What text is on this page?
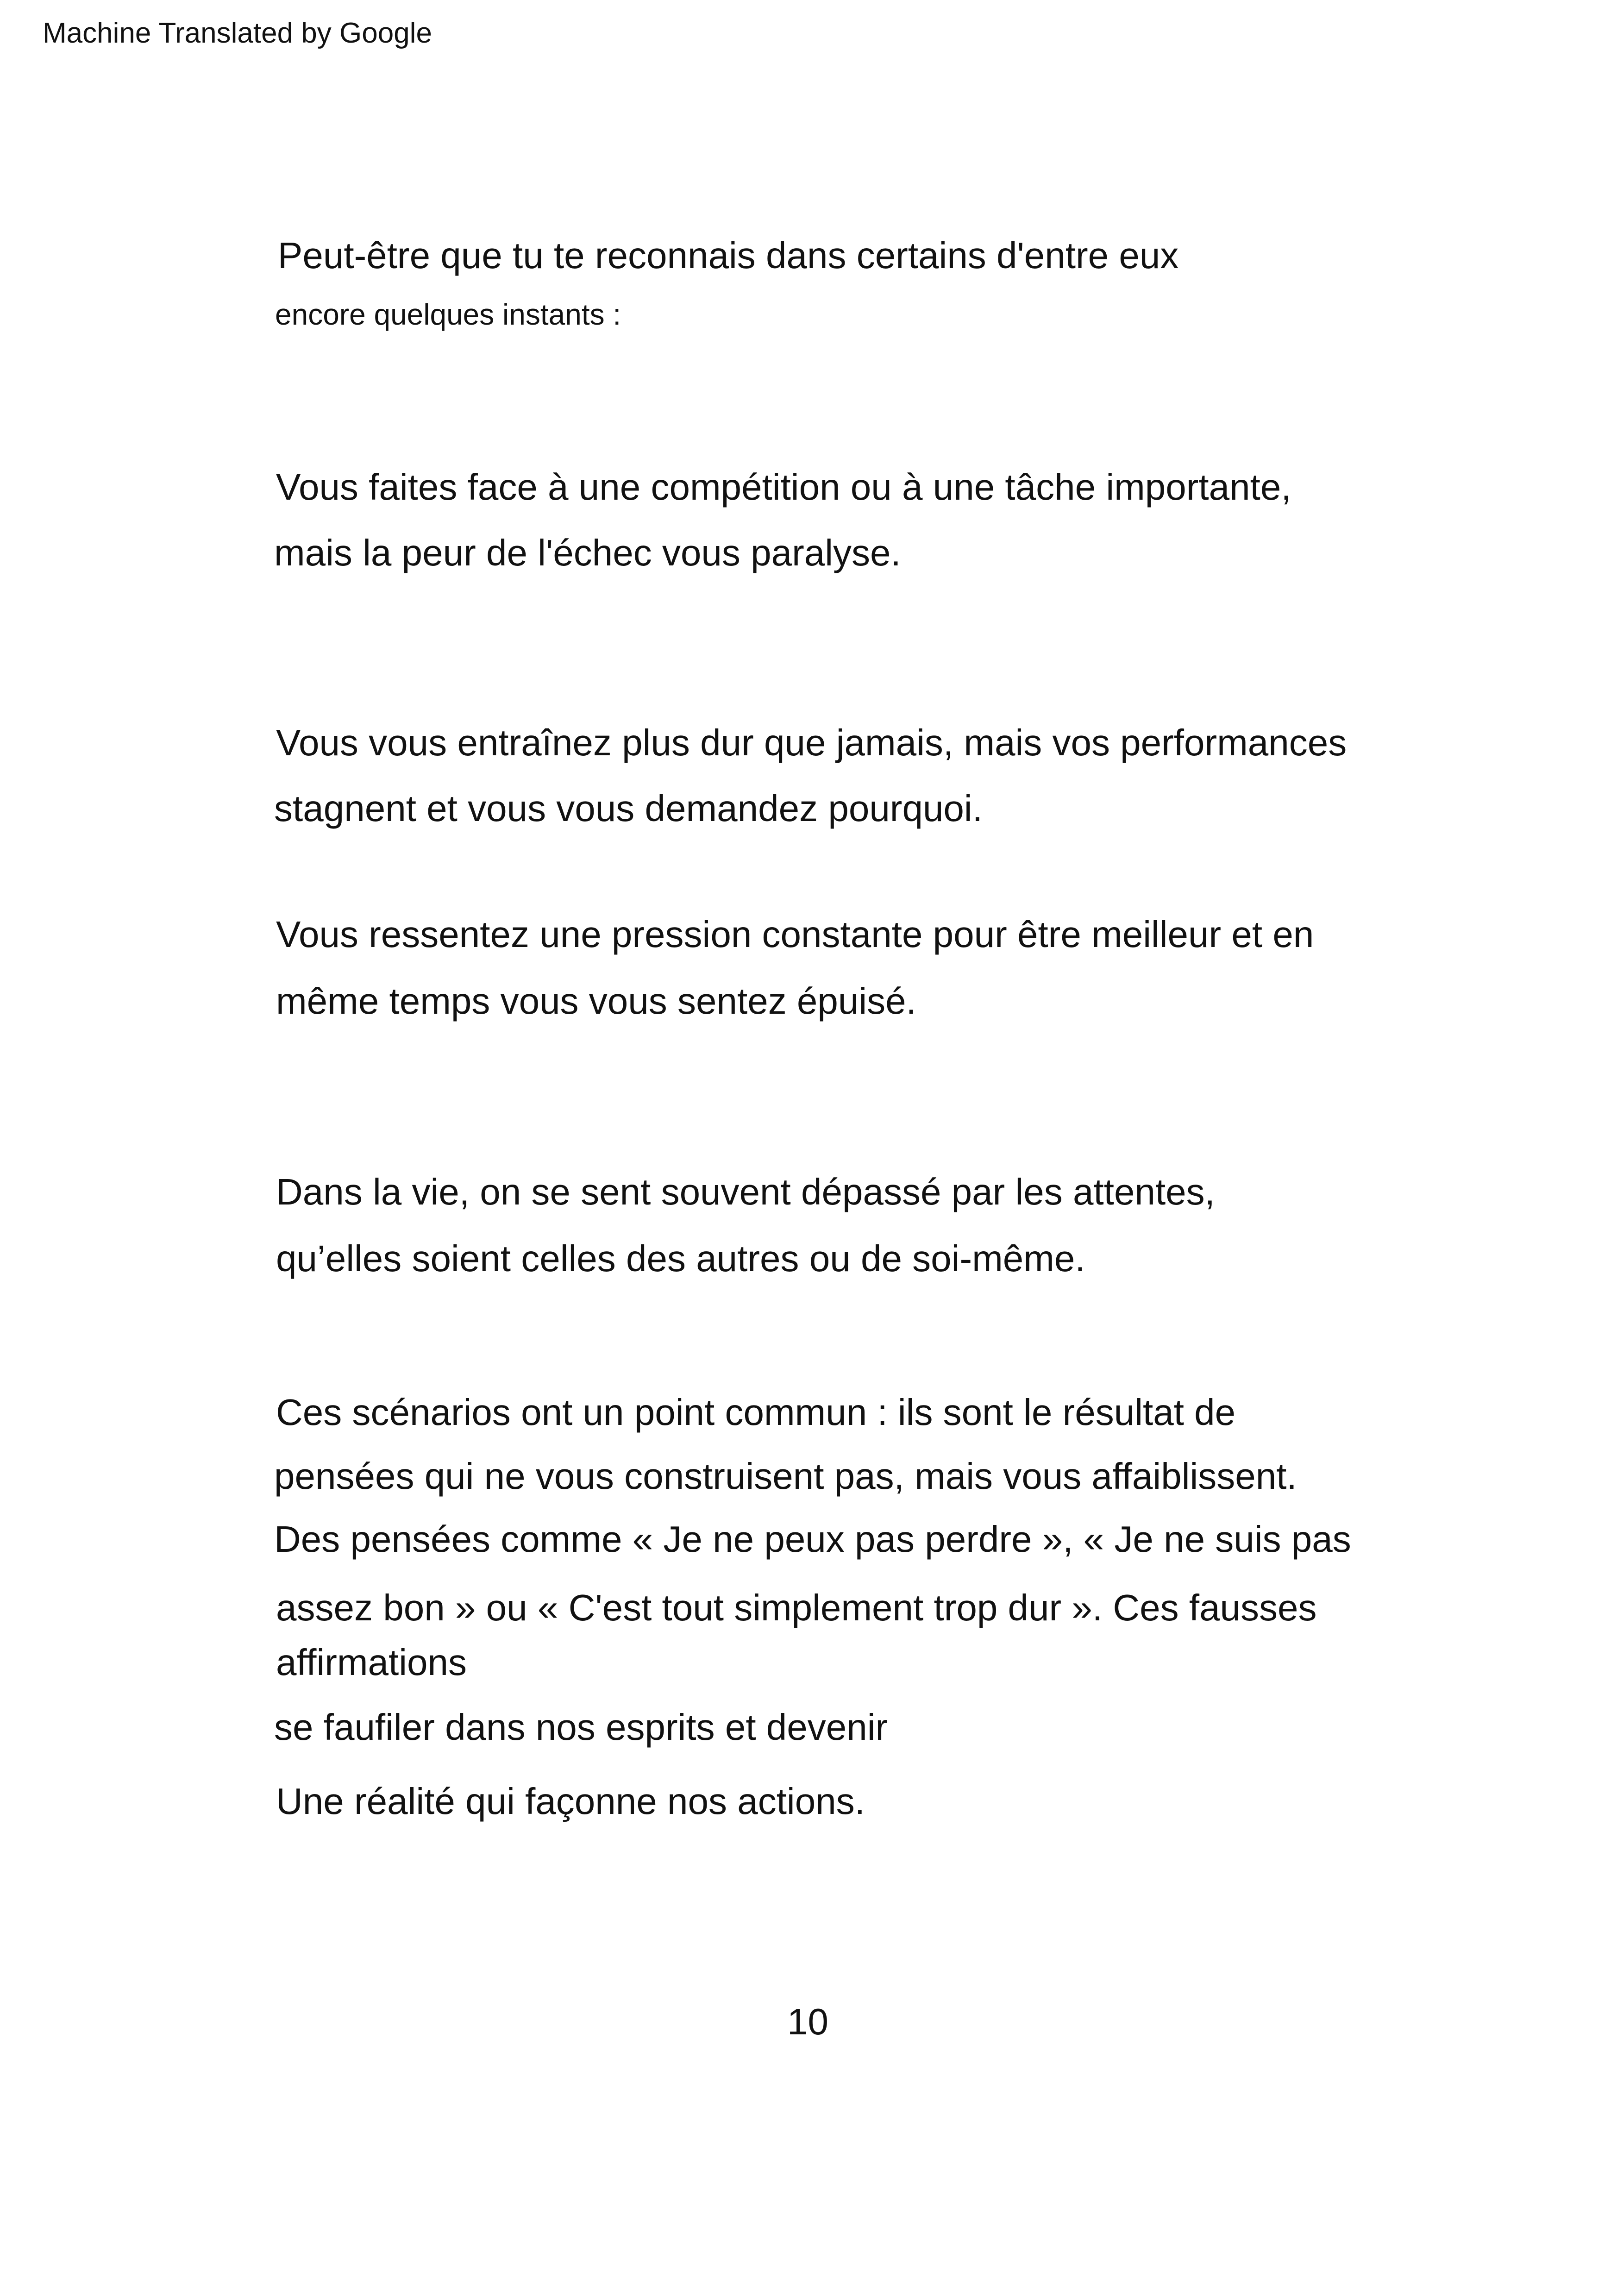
Machine Translated by Google
Peut-être que tu te reconnais dans certains d'entre eux
encore quelques instants :
Vous faites face à une compétition ou à une tâche importante,
mais la peur de l'échec vous paralyse.
Vous vous entraînez plus dur que jamais, mais vos performances
stagnent et vous vous demandez pourquoi.
Vous ressentez une pression constante pour être meilleur et en
même temps vous vous sentez épuisé.
Dans la vie, on se sent souvent dépassé par les attentes,
qu’elles soient celles des autres ou de soi-même.
Ces scénarios ont un point commun : ils sont le résultat de
pensées qui ne vous construisent pas, mais vous affaiblissent.
Des pensées comme « Je ne peux pas perdre », « Je ne suis pas
assez bon » ou « C'est tout simplement trop dur ». Ces fausses
affirmations
se faufiler dans nos esprits et devenir
Une réalité qui façonne nos actions.
10
